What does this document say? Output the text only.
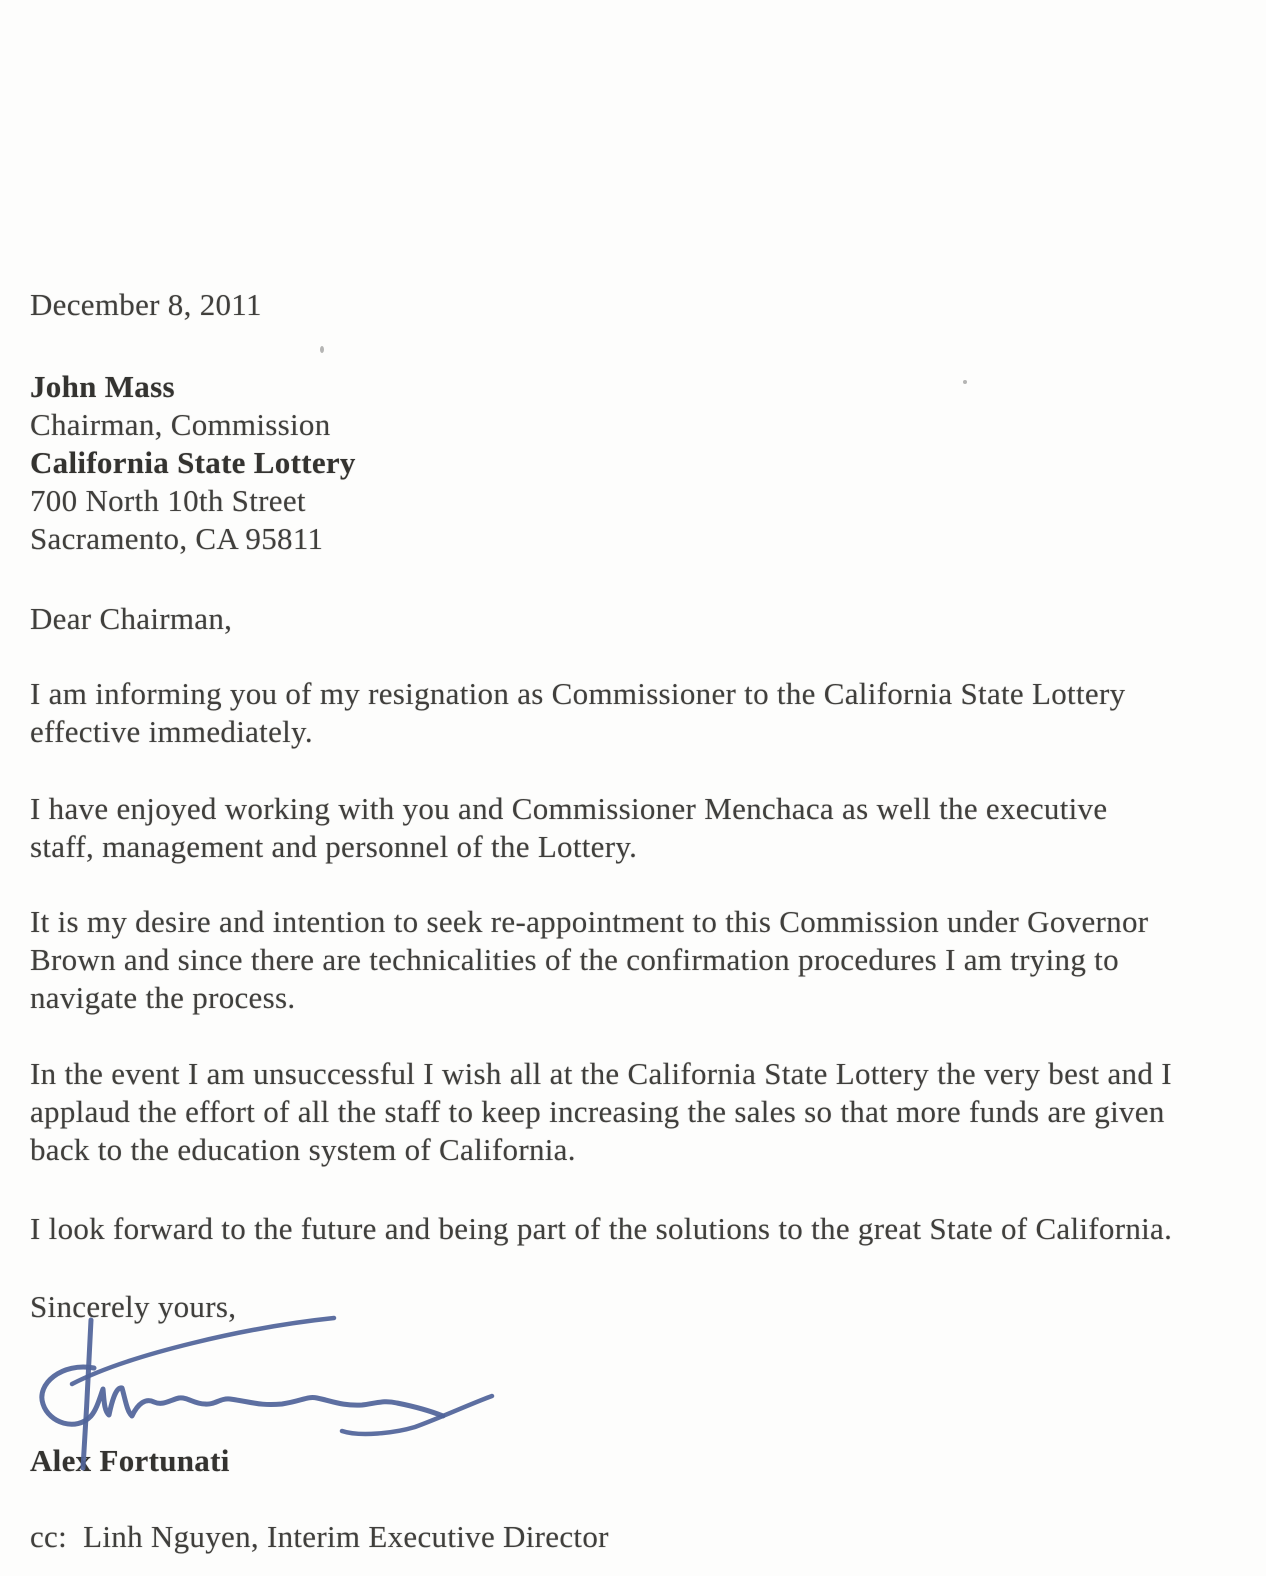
December 8, 2011
John Mass
Chairman, Commission
California State Lottery
700 North 10th Street
Sacramento, CA 95811
Dear Chairman,
I am informing you of my resignation as Commissioner to the California State Lottery
effective immediately.
I have enjoyed working with you and Commissioner Menchaca as well the executive
staff, management and personnel of the Lottery.
It is my desire and intention to seek re-appointment to this Commission under Governor
Brown and since there are technicalities of the confirmation procedures I am trying to
navigate the process.
In the event I am unsuccessful I wish all at the California State Lottery the very best and I
applaud the effort of all the staff to keep increasing the sales so that more funds are given
back to the education system of California.
I look forward to the future and being part of the solutions to the great State of California.
Sincerely yours,
Alex Fortunati
cc:  Linh Nguyen, Interim Executive Director
